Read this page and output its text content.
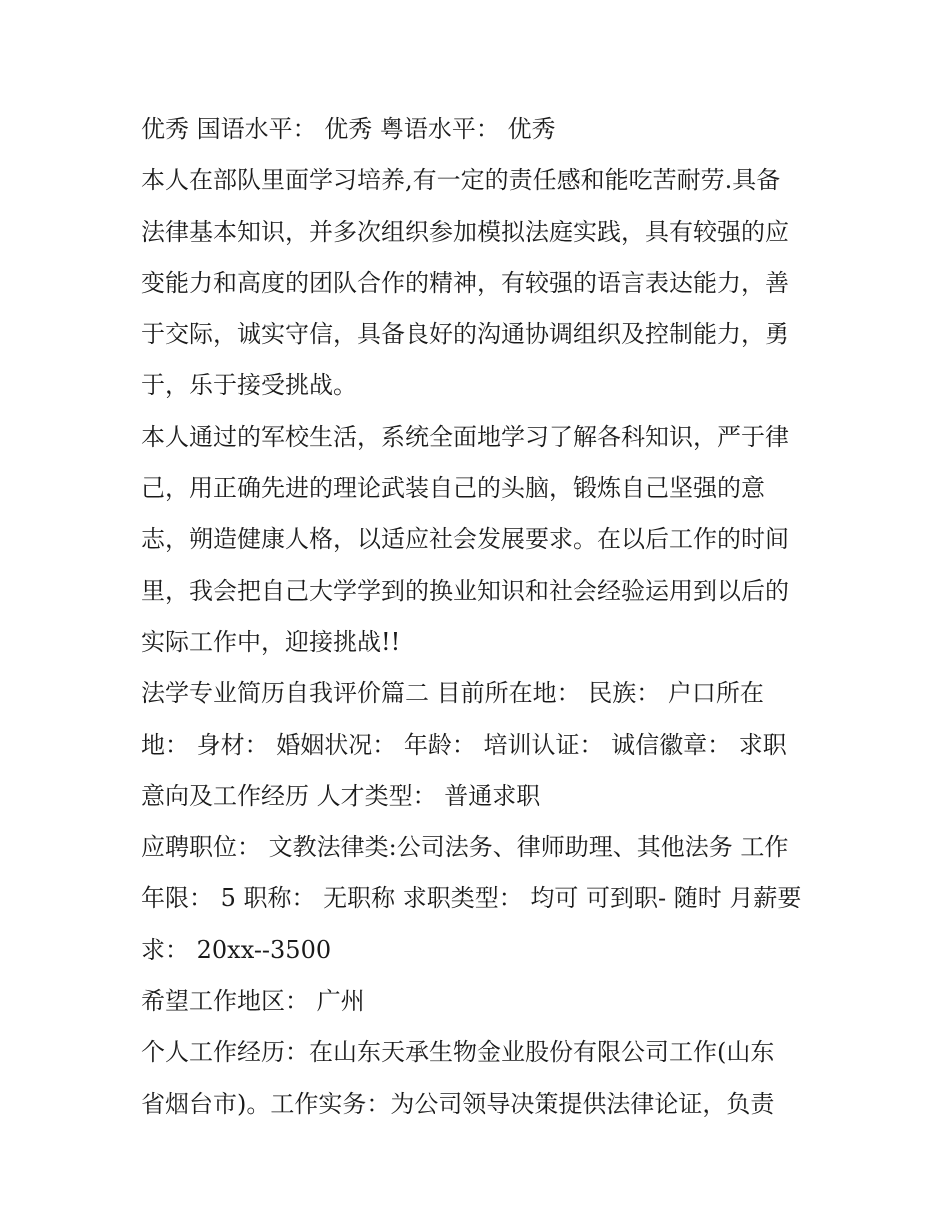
优秀 国语水平： 优秀 粤语水平： 优秀
本人在部队里面学习培养,有一定的责任感和能吃苦耐劳.具备
法律基本知识，并多次组织参加模拟法庭实践，具有较强的应
变能力和高度的团队合作的精神，有较强的语言表达能力，善
于交际，诚实守信，具备良好的沟通协调组织及控制能力，勇
于，乐于接受挑战。
本人通过的军校生活，系统全面地学习了解各科知识，严于律
己，用正确先进的理论武装自己的头脑，锻炼自己坚强的意
志，朔造健康人格，以适应社会发展要求。在以后工作的时间
里，我会把自己大学学到的换业知识和社会经验运用到以后的
实际工作中，迎接挑战!!
法学专业简历自我评价篇二 目前所在地： 民族： 户口所在
地： 身材： 婚姻状况： 年龄： 培训认证： 诚信徽章： 求职
意向及工作经历 人才类型： 普通求职
应聘职位： 文教法律类:公司法务、律师助理、其他法务 工作
年限： 5 职称： 无职称 求职类型： 均可 可到职- 随时 月薪要
求： 20xx--3500
希望工作地区： 广州
个人工作经历：在山东天承生物金业股份有限公司工作(山东
省烟台市)。工作实务：为公司领导决策提供法律论证，负责
